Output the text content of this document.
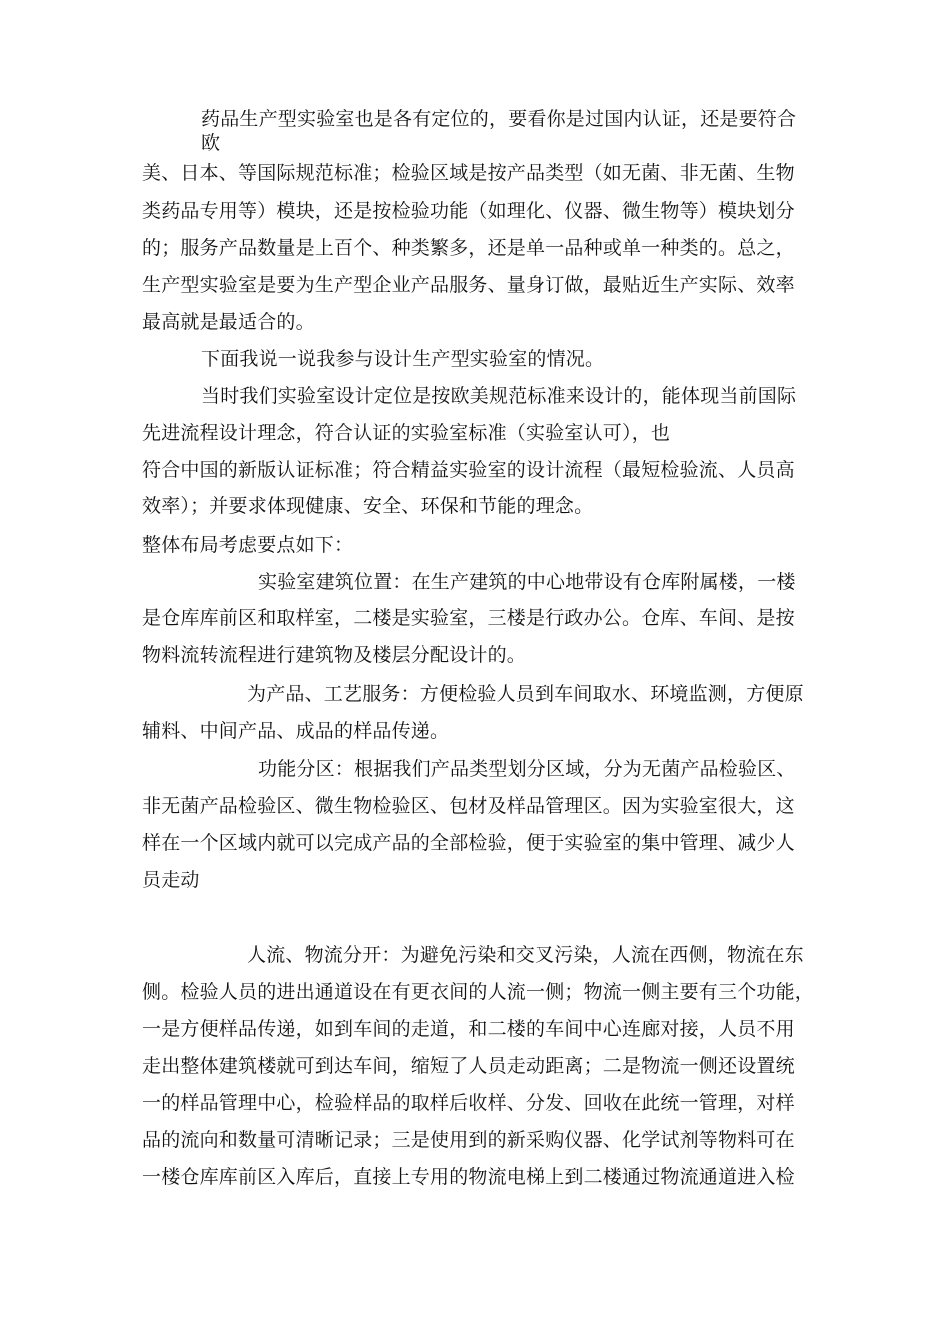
药品生产型实验室也是各有定位的，要看你是过国内认证，还是要符合
欧
美、日本、等国际规范标准；检验区域是按产品类型（如无菌、非无菌、生物
类药品专用等）模块，还是按检验功能（如理化、仪器、微生物等）模块划分
的；服务产品数量是上百个、种类繁多，还是单一品种或单一种类的。总之，
生产型实验室是要为生产型企业产品服务、量身订做，最贴近生产实际、效率
最高就是最适合的。
下面我说一说我参与设计生产型实验室的情况。
当时我们实验室设计定位是按欧美规范标准来设计的，能体现当前国际
先进流程设计理念，符合认证的实验室标准（实验室认可），也
符合中国的新版认证标准；符合精益实验室的设计流程（最短检验流、人员高
效率）；并要求体现健康、安全、环保和节能的理念。
整体布局考虑要点如下：
实验室建筑位置：在生产建筑的中心地带设有仓库附属楼，一楼
是仓库库前区和取样室，二楼是实验室，三楼是行政办公。仓库、车间、是按
物料流转流程进行建筑物及楼层分配设计的。
为产品、工艺服务：方便检验人员到车间取水、环境监测，方便原
辅料、中间产品、成品的样品传递。
功能分区：根据我们产品类型划分区域，分为无菌产品检验区、
非无菌产品检验区、微生物检验区、包材及样品管理区。因为实验室很大，这
样在一个区域内就可以完成产品的全部检验，便于实验室的集中管理、减少人
员走动
人流、物流分开：为避免污染和交叉污染，人流在西侧，物流在东
侧。检验人员的进出通道设在有更衣间的人流一侧；物流一侧主要有三个功能，
一是方便样品传递，如到车间的走道，和二楼的车间中心连廊对接，人员不用
走出整体建筑楼就可到达车间，缩短了人员走动距离；二是物流一侧还设置统
一的样品管理中心，检验样品的取样后收样、分发、回收在此统一管理，对样
品的流向和数量可清晰记录；三是使用到的新采购仪器、化学试剂等物料可在
一楼仓库库前区入库后，直接上专用的物流电梯上到二楼通过物流通道进入检
